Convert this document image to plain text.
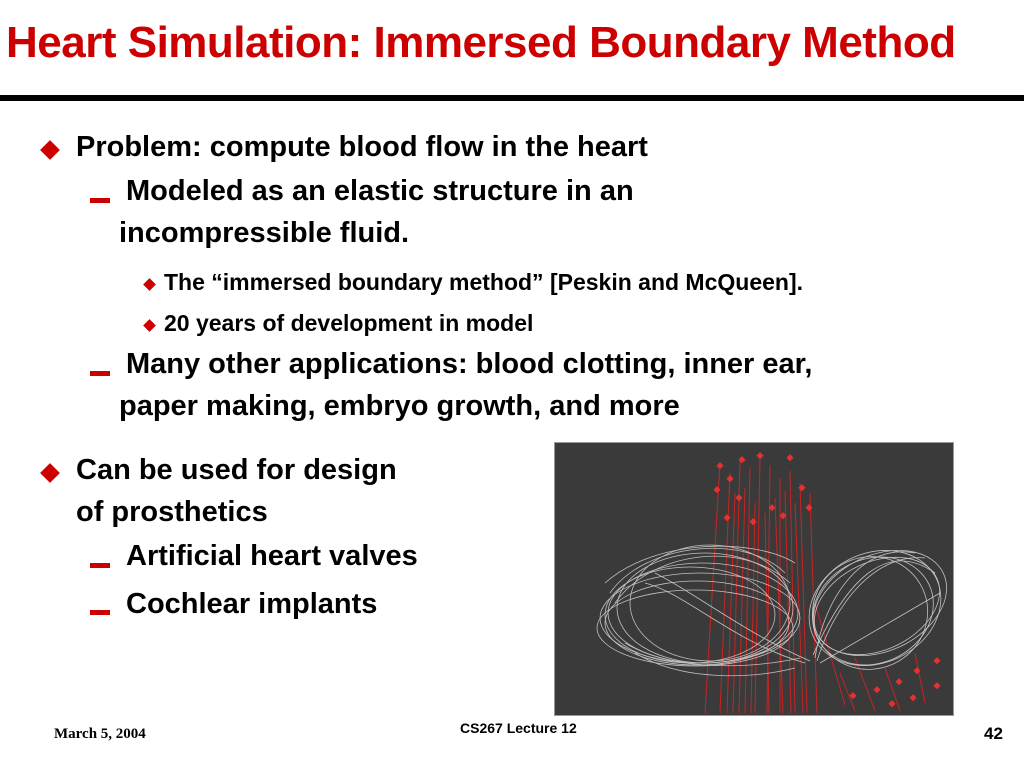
Heart Simulation: Immersed Boundary Method
Problem: compute blood flow in the heart
Modeled as an elastic structure in an
incompressible fluid.
The “immersed boundary method” [Peskin and McQueen].
20 years of development in model
Many other applications: blood clotting, inner ear,
paper making, embryo growth, and more
Can be used for design
of prosthetics
Artificial heart valves
Cochlear implants
March 5, 2004	CS267 Lecture 12	42
